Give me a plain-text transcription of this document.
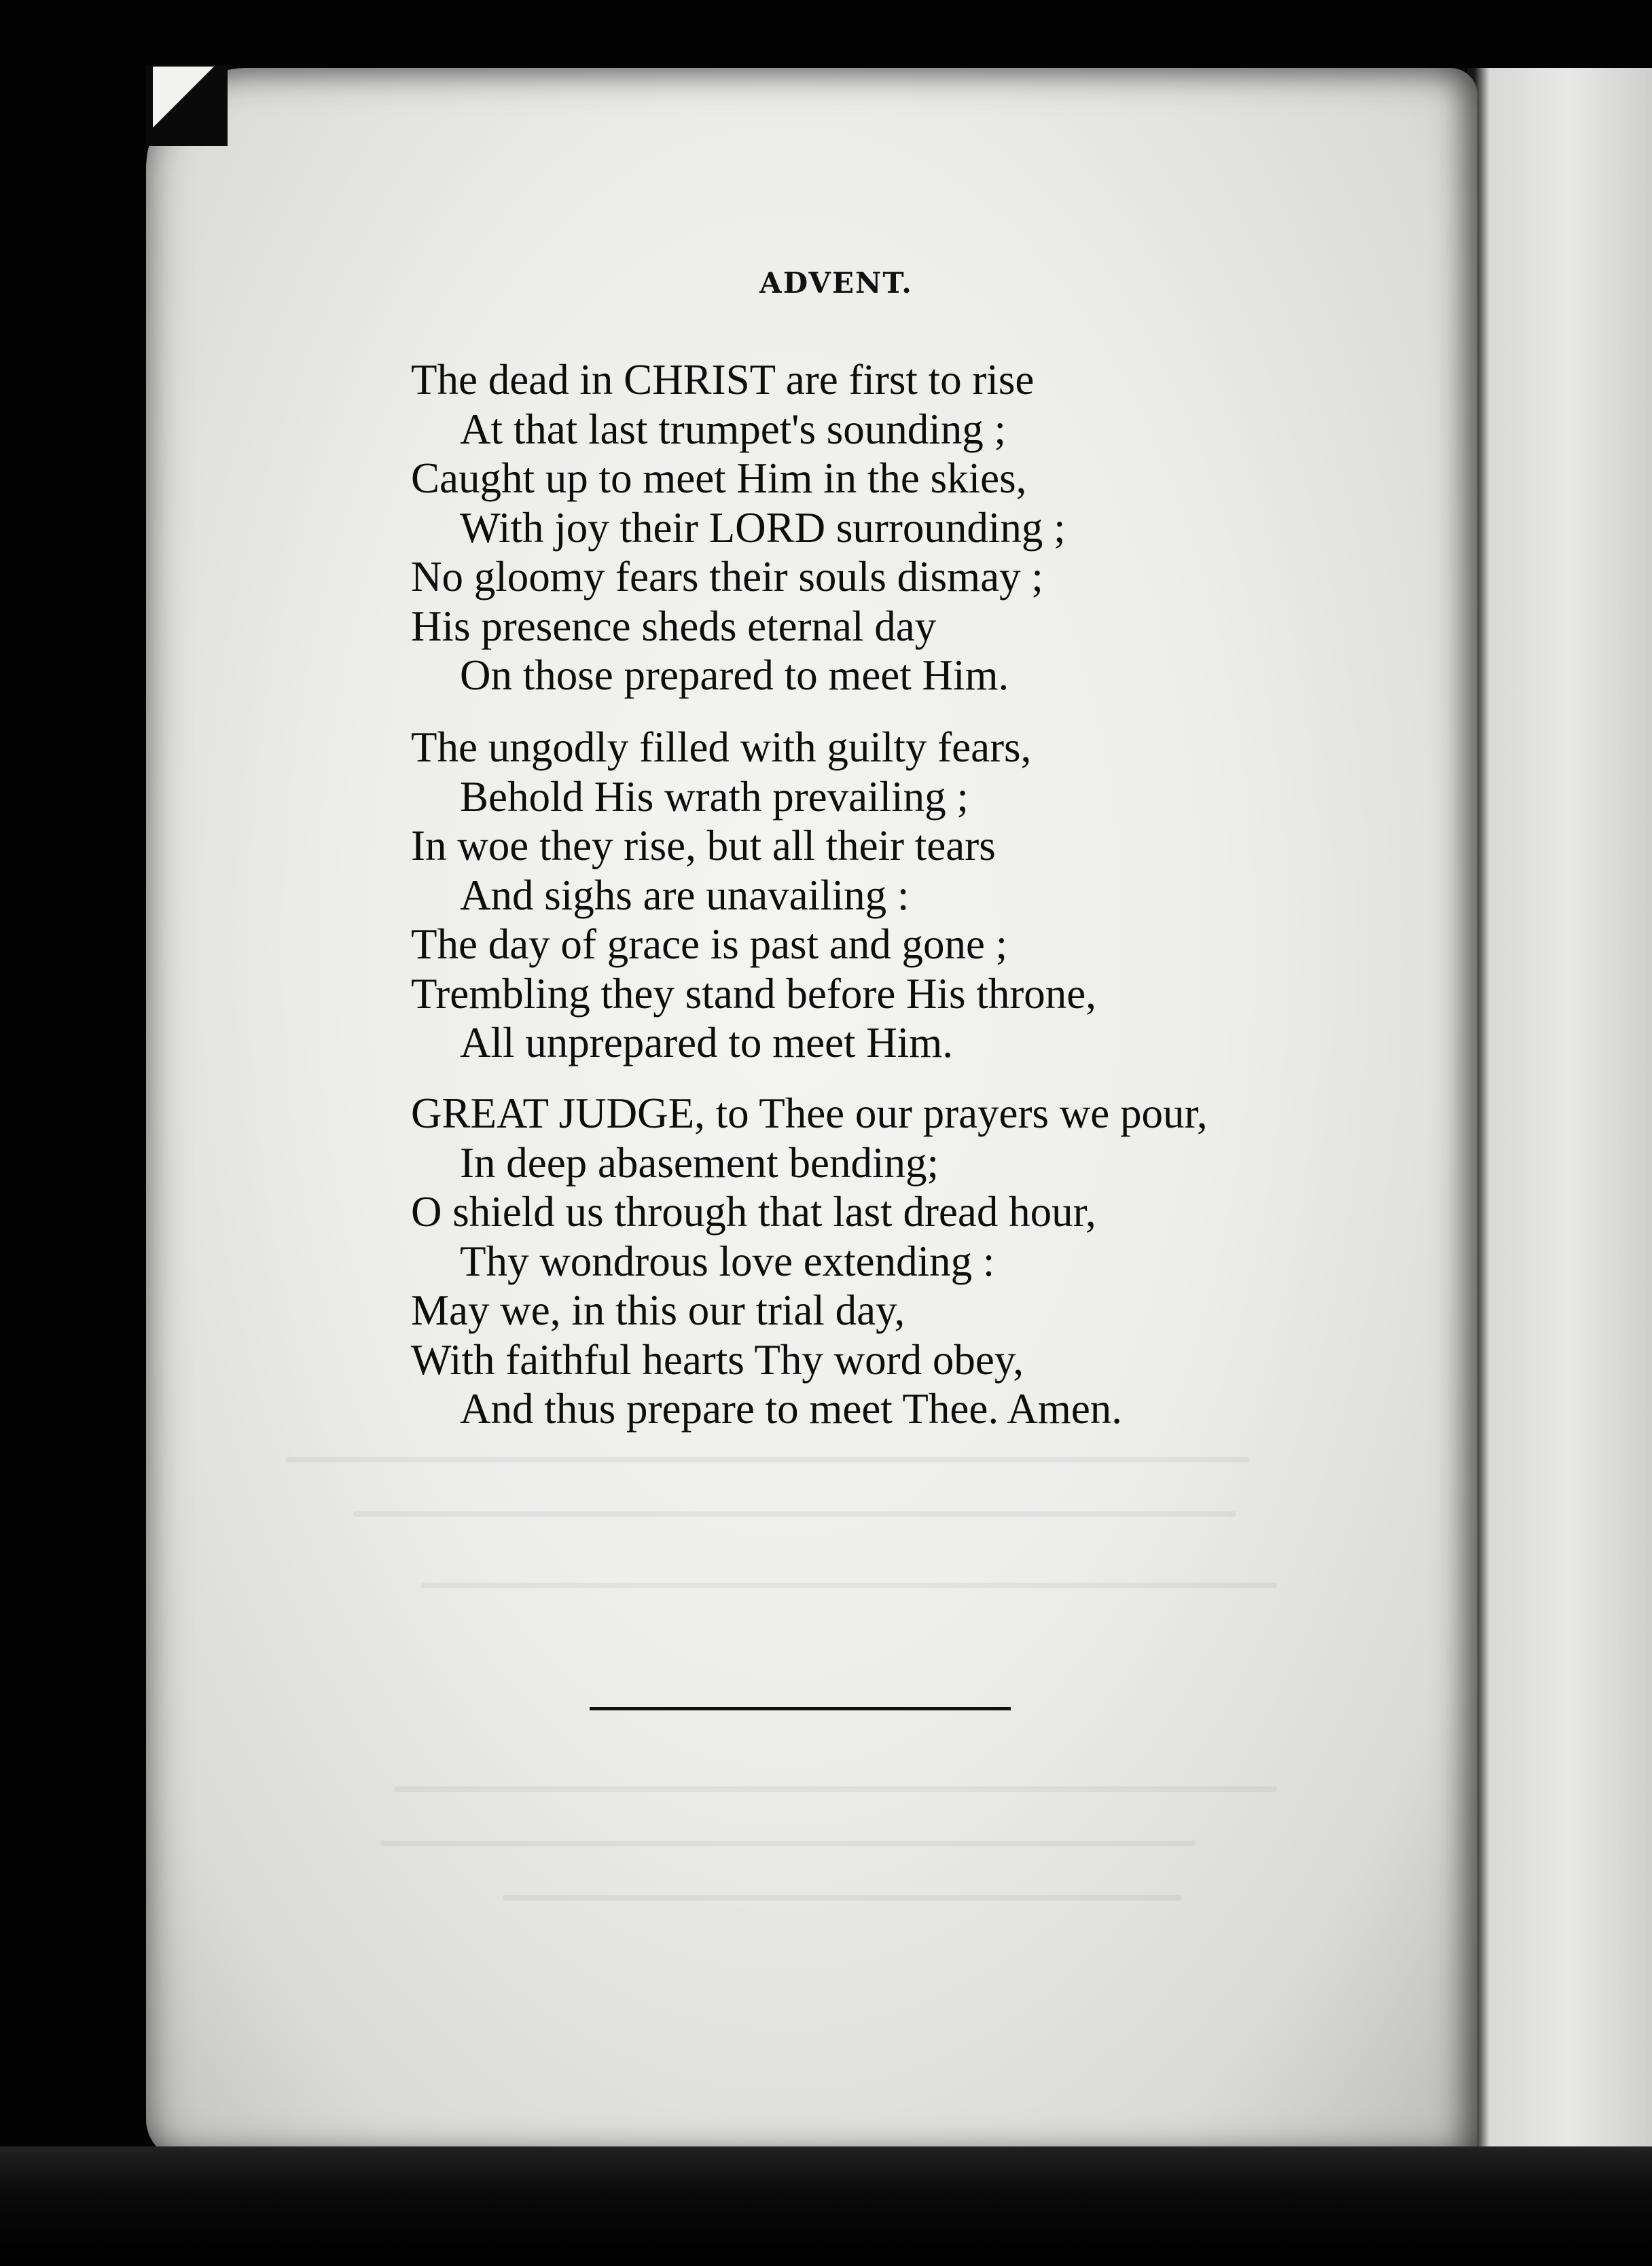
ADVENT.
The dead in CHRIST are first to rise
At that last trumpet's sounding ;
Caught up to meet Him in the skies,
With joy their LORD surrounding ;
No gloomy fears their souls dismay ;
His presence sheds eternal day
On those prepared to meet Him.
The ungodly filled with guilty fears,
Behold His wrath prevailing ;
In woe they rise, but all their tears
And sighs are unavailing :
The day of grace is past and gone ;
Trembling they stand before His throne,
All unprepared to meet Him.
GREAT JUDGE, to Thee our prayers we pour,
In deep abasement bending;
O shield us through that last dread hour,
Thy wondrous love extending :
May we, in this our trial day,
With faithful hearts Thy word obey,
And thus prepare to meet Thee. Amen.
